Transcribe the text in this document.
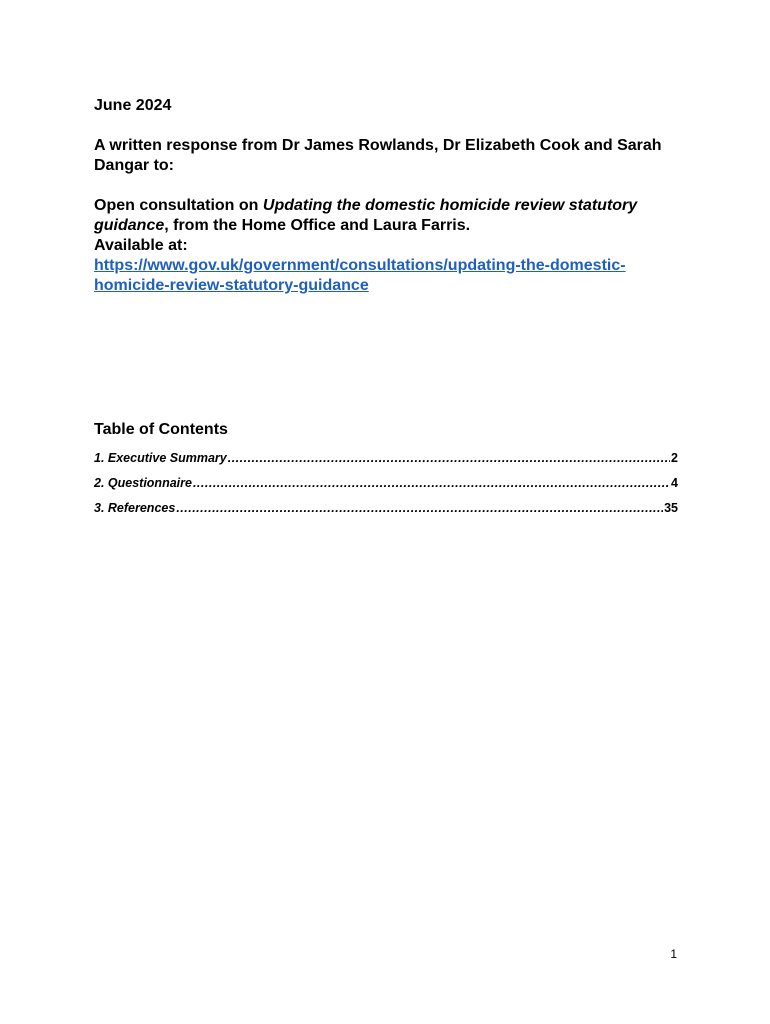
June 2024

A written response from Dr James Rowlands, Dr Elizabeth Cook and Sarah Dangar to:

Open consultation on Updating the domestic homicide review statutory guidance, from the Home Office and Laura Farris.
Available at:
https://www.gov.uk/government/consultations/updating-the-domestic-homicide-review-statutory-guidance

Table of Contents

1. Executive Summary .....	2
2. Questionnaire .....	4
3. References .....	35
1
